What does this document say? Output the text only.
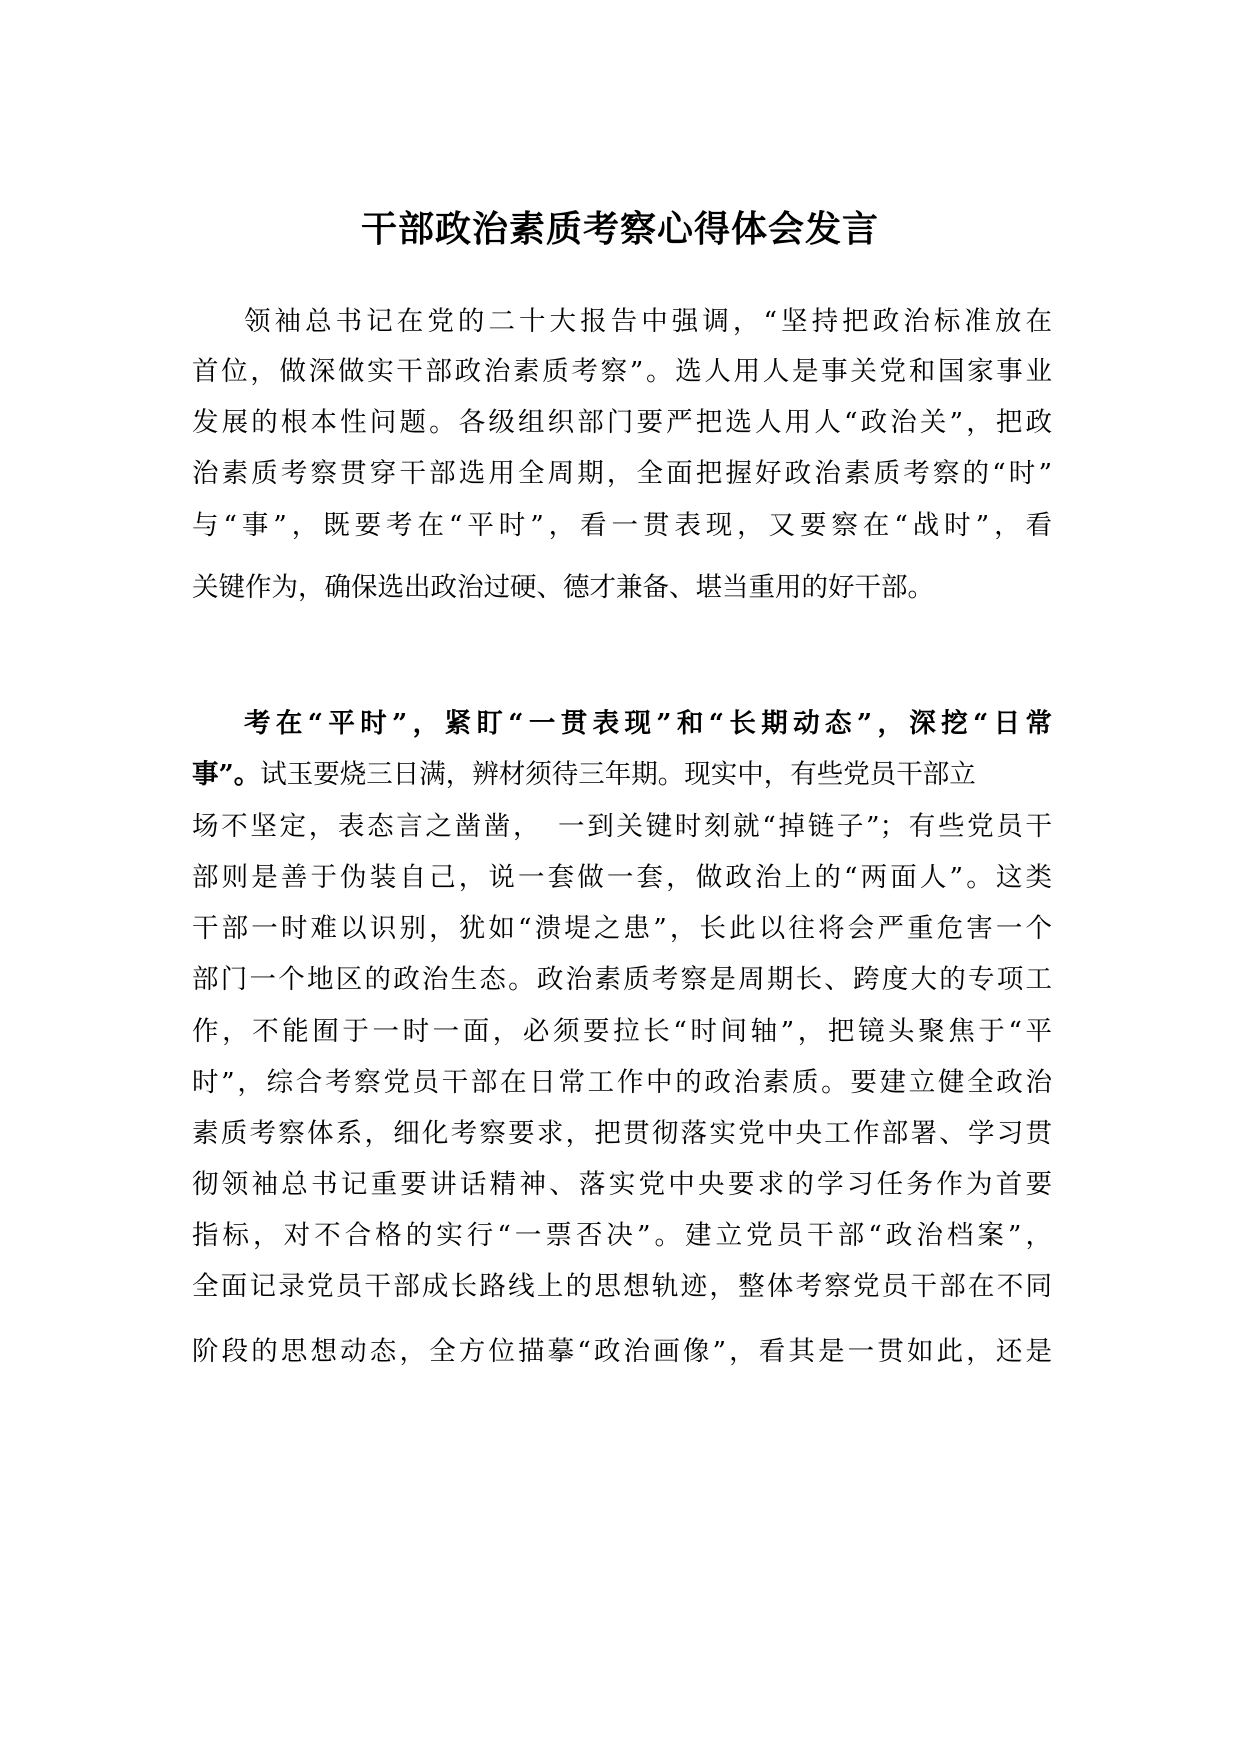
干部政治素质考察心得体会发言
领袖总书记在党的二十大报告中强调，“坚持把政治标准放在
首位，做深做实干部政治素质考察”。选人用人是事关党和国家事业
发展的根本性问题。各级组织部门要严把选人用人“政治关”，把政
治素质考察贯穿干部选用全周期，全面把握好政治素质考察的“时”
与“事”，既要考在“平时”，看一贯表现，又要察在“战时”，看
关键作为，确保选出政治过硬、德才兼备、堪当重用的好干部。
考在“平时”，紧盯“一贯表现”和“长期动态”，深挖“日常
事”。试玉要烧三日满，辨材须待三年期。现实中，有些党员干部立
场不坚定，表态言之凿凿，　一到关键时刻就“掉链子”；有些党员干
部则是善于伪装自己，说一套做一套，做政治上的“两面人”。这类
干部一时难以识别，犹如“溃堤之患”，长此以往将会严重危害一个
部门一个地区的政治生态。政治素质考察是周期长、跨度大的专项工
作，不能囿于一时一面，必须要拉长“时间轴”，把镜头聚焦于“平
时”，综合考察党员干部在日常工作中的政治素质。要建立健全政治
素质考察体系，细化考察要求，把贯彻落实党中央工作部署、学习贯
彻领袖总书记重要讲话精神、落实党中央要求的学习任务作为首要
指标，对不合格的实行“一票否决”。建立党员干部“政治档案”，
全面记录党员干部成长路线上的思想轨迹，整体考察党员干部在不同
阶段的思想动态，全方位描摹“政治画像”，看其是一贯如此，还是
